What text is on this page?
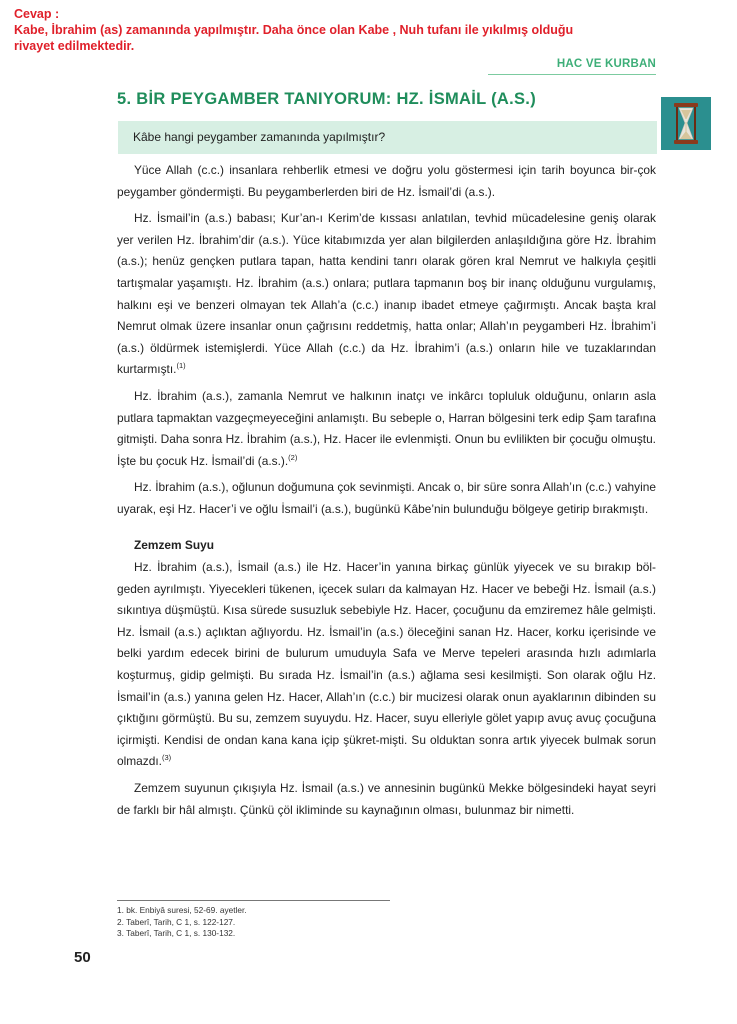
Cevap :
Kabe, İbrahim (as) zamanında yapılmıştır. Daha önce olan Kabe , Nuh tufanı ile yıkılmış olduğu
rivayet edilmektedir.
HAC VE KURBAN
5. BİR PEYGAMBER TANIYORUM: HZ. İSMAİL (A.S.)
Kâbe hangi peygamber zamanında yapılmıştır?

Yüce Allah (c.c.) insanlara rehberlik etmesi ve doğru yolu göstermesi için tarih boyunca bir-çok peygamber göndermişti. Bu peygamberlerden biri de Hz. İsmail’di (a.s.).

Hz. İsmail’in (a.s.) babası; Kur’an-ı Kerim’de kıssası anlatılan, tevhid mücadelesine geniş olarak yer verilen Hz. İbrahim’dir (a.s.). Yüce kitabımızda yer alan bilgilerden anlaşıldığına göre Hz. İbrahim (a.s.); henüz gençken putlara tapan, hatta kendini tanrı olarak gören kral Nemrut ve halkıyla çeşitli tartışmalar yaşamıştı. Hz. İbrahim (a.s.) onlara; putlara tapmanın boş bir inanç olduğunu vurgulamış, halkını eşi ve benzeri olmayan tek Allah’a (c.c.) inanıp ibadet etmeye çağırmıştı. Ancak başta kral Nemrut olmak üzere insanlar onun çağrısını reddetmiş, hatta onlar; Allah’ın peygamberi Hz. İbrahim’i (a.s.) öldürmek istemişlerdi. Yüce Allah (c.c.) da Hz. İbrahim’i (a.s.) onların hile ve tuzaklarından kurtarmıştı.$^{(1)}$

Hz. İbrahim (a.s.), zamanla Nemrut ve halkının inatçı ve inkârcı topluluk olduğunu, onların asla putlara tapmaktan vazgeçmeyeceğini anlamıştı. Bu sebeple o, Harran bölgesini terk edip Şam tarafına gitmişti. Daha sonra Hz. İbrahim (a.s.), Hz. Hacer ile evlenmişti. Onun bu evlilikten bir çocuğu olmuştu. İşte bu çocuk Hz. İsmail’di (a.s.).$^{(2)}$

Hz. İbrahim (a.s.), oğlunun doğumuna çok sevinmişti. Ancak o, bir süre sonra Allah’ın (c.c.) vahyine uyarak, eşi Hz. Hacer’i ve oğlu İsmail’i (a.s.), bugünkü Kâbe’nin bulunduğu bölgeye getirip bırakmıştı.

Zemzem Suyu

Hz. İbrahim (a.s.), İsmail (a.s.) ile Hz. Hacer’in yanına birkaç günlük yiyecek ve su bırakıp böl-geden ayrılmıştı. Yiyecekleri tükenen, içecek suları da kalmayan Hz. Hacer ve bebeği Hz. İsmail (a.s.) sıkıntıya düşmüştü. Kısa sürede susuzluk sebebiyle Hz. Hacer, çocuğunu da emziremez hâle gelmişti. Hz. İsmail (a.s.) açlıktan ağlıyordu. Hz. İsmail’in (a.s.) öleceğini sanan Hz. Hacer, korku içerisinde ve belki yardım edecek birini de bulurum umuduyla Safa ve Merve tepeleri arasında hızlı adımlarla koşturmuş, gidip gelmişti. Bu sırada Hz. İsmail’in (a.s.) ağlama sesi kesilmişti. Son olarak oğlu Hz. İsmail’in (a.s.) yanına gelen Hz. Hacer, Allah’ın (c.c.) bir mucizesi olarak onun ayaklarının dibinden su çıktığını görmüştü. Bu su, zemzem suyuydu. Hz. Hacer, suyu elleriyle gölet yapıp avuç avuç çocuğuna içirmişti. Kendisi de ondan kana kana içip şükret-mişti. Su olduktan sonra artık yiyecek bulmak sorun olmazdı.$^{(3)}$

Zemzem suyunun çıkışıyla Hz. İsmail (a.s.) ve annesinin bugünkü Mekke bölgesindeki hayat seyri de farklı bir hâl almıştı. Çünkü çöl ikliminde su kaynağının olması, bulunmaz bir nimetti.

1. bk. Enbiyâ suresi, 52-69. ayetler.
2. Taberî, Tarih, C 1, s. 122-127.
3. Taberî, Tarih, C 1, s. 130-132.
50
